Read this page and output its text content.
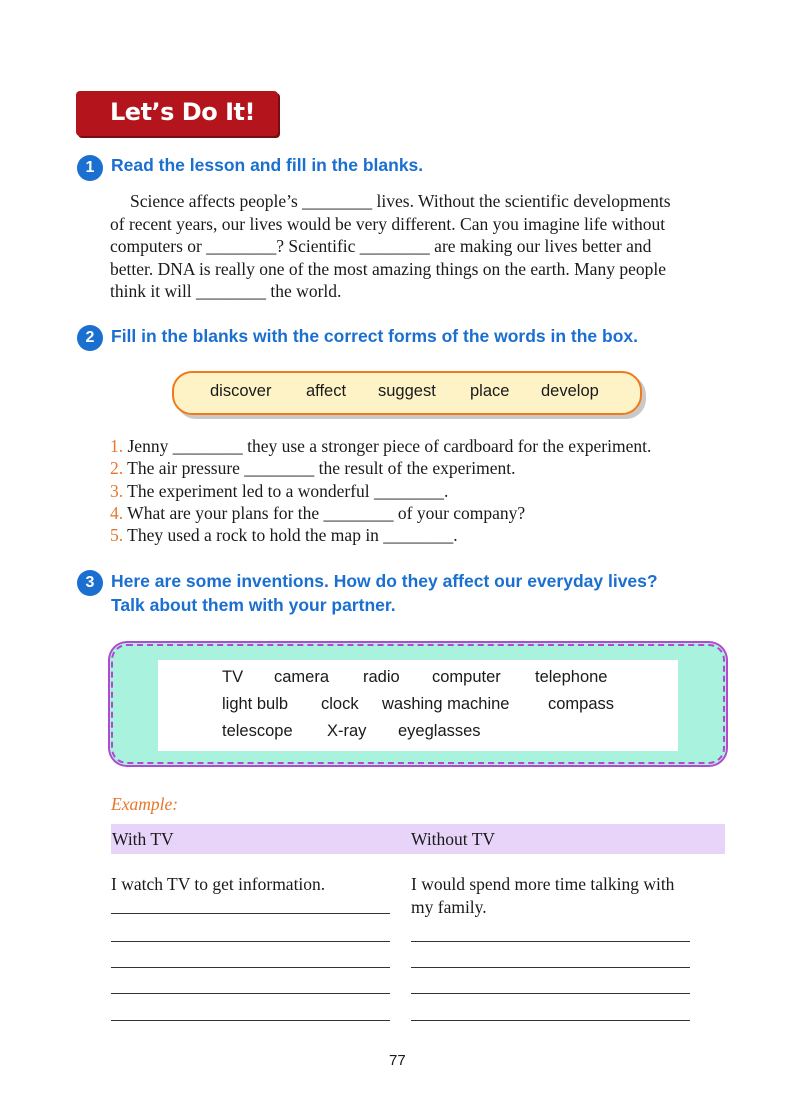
Let’s Do It!
1 Read the lesson and fill in the blanks.

Science affects people’s ________ lives. Without the scientific developments

of recent years, our lives would be very different. Can you imagine life without

computers or ________? Scientific ________ are making our lives better and

better. DNA is really one of the most amazing things on the earth. Many people

think it will ________ the world.

2 Fill in the blanks with the correct forms of the words in the box.
discover affect suggest place develop
1. Jenny ________ they use a stronger piece of cardboard for the experiment.
2. The air pressure ________ the result of the experiment.
3. The experiment led to a wonderful ________.
4. What are your plans for the ________ of your company?
5. They used a rock to hold the map in ________.
3 Here are some inventions. How do they affect our everyday lives?
Talk about them with your partner.
TV camera radio computer telephone
light bulb clock washing machine compass
telescope X-ray eyeglasses
Example:
With TV	Without TV
I watch TV to get information.	I would spend more time talking with
my family.
77
